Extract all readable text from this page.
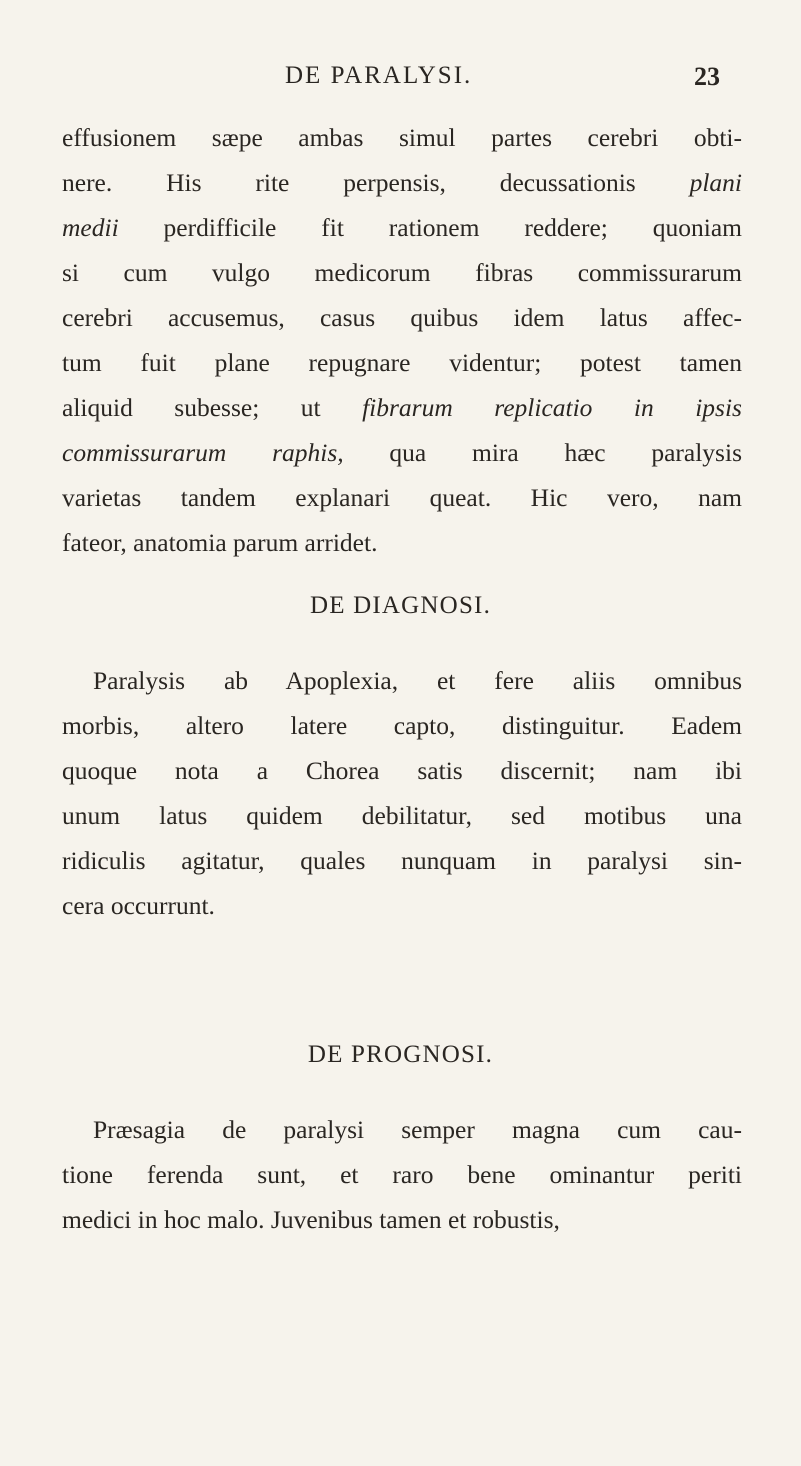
DE PARALYSI.	23
effusionem sæpe ambas simul partes cerebri obti-
nere. His rite perpensis, decussationis plani
medii perdifficile fit rationem reddere; quoniam
si cum vulgo medicorum fibras commissurarum
cerebri accusemus, casus quibus idem latus affec-
tum fuit plane repugnare videntur; potest tamen
aliquid subesse; ut fibrarum replicatio in ipsis
commissurarum raphis, qua mira hæc paralysis
varietas tandem explanari queat. Hic vero, nam
fateor, anatomia parum arridet.
DE DIAGNOSI.
Paralysis ab Apoplexia, et fere aliis omnibus
morbis, altero latere capto, distinguitur. Eadem
quoque nota a Chorea satis discernit; nam ibi
unum latus quidem debilitatur, sed motibus una
ridiculis agitatur, quales nunquam in paralysi sin-
cera occurrunt.
DE PROGNOSI.
Præsagia de paralysi semper magna cum cau-
tione ferenda sunt, et raro bene ominantur periti
medici in hoc malo. Juvenibus tamen et robustis,
